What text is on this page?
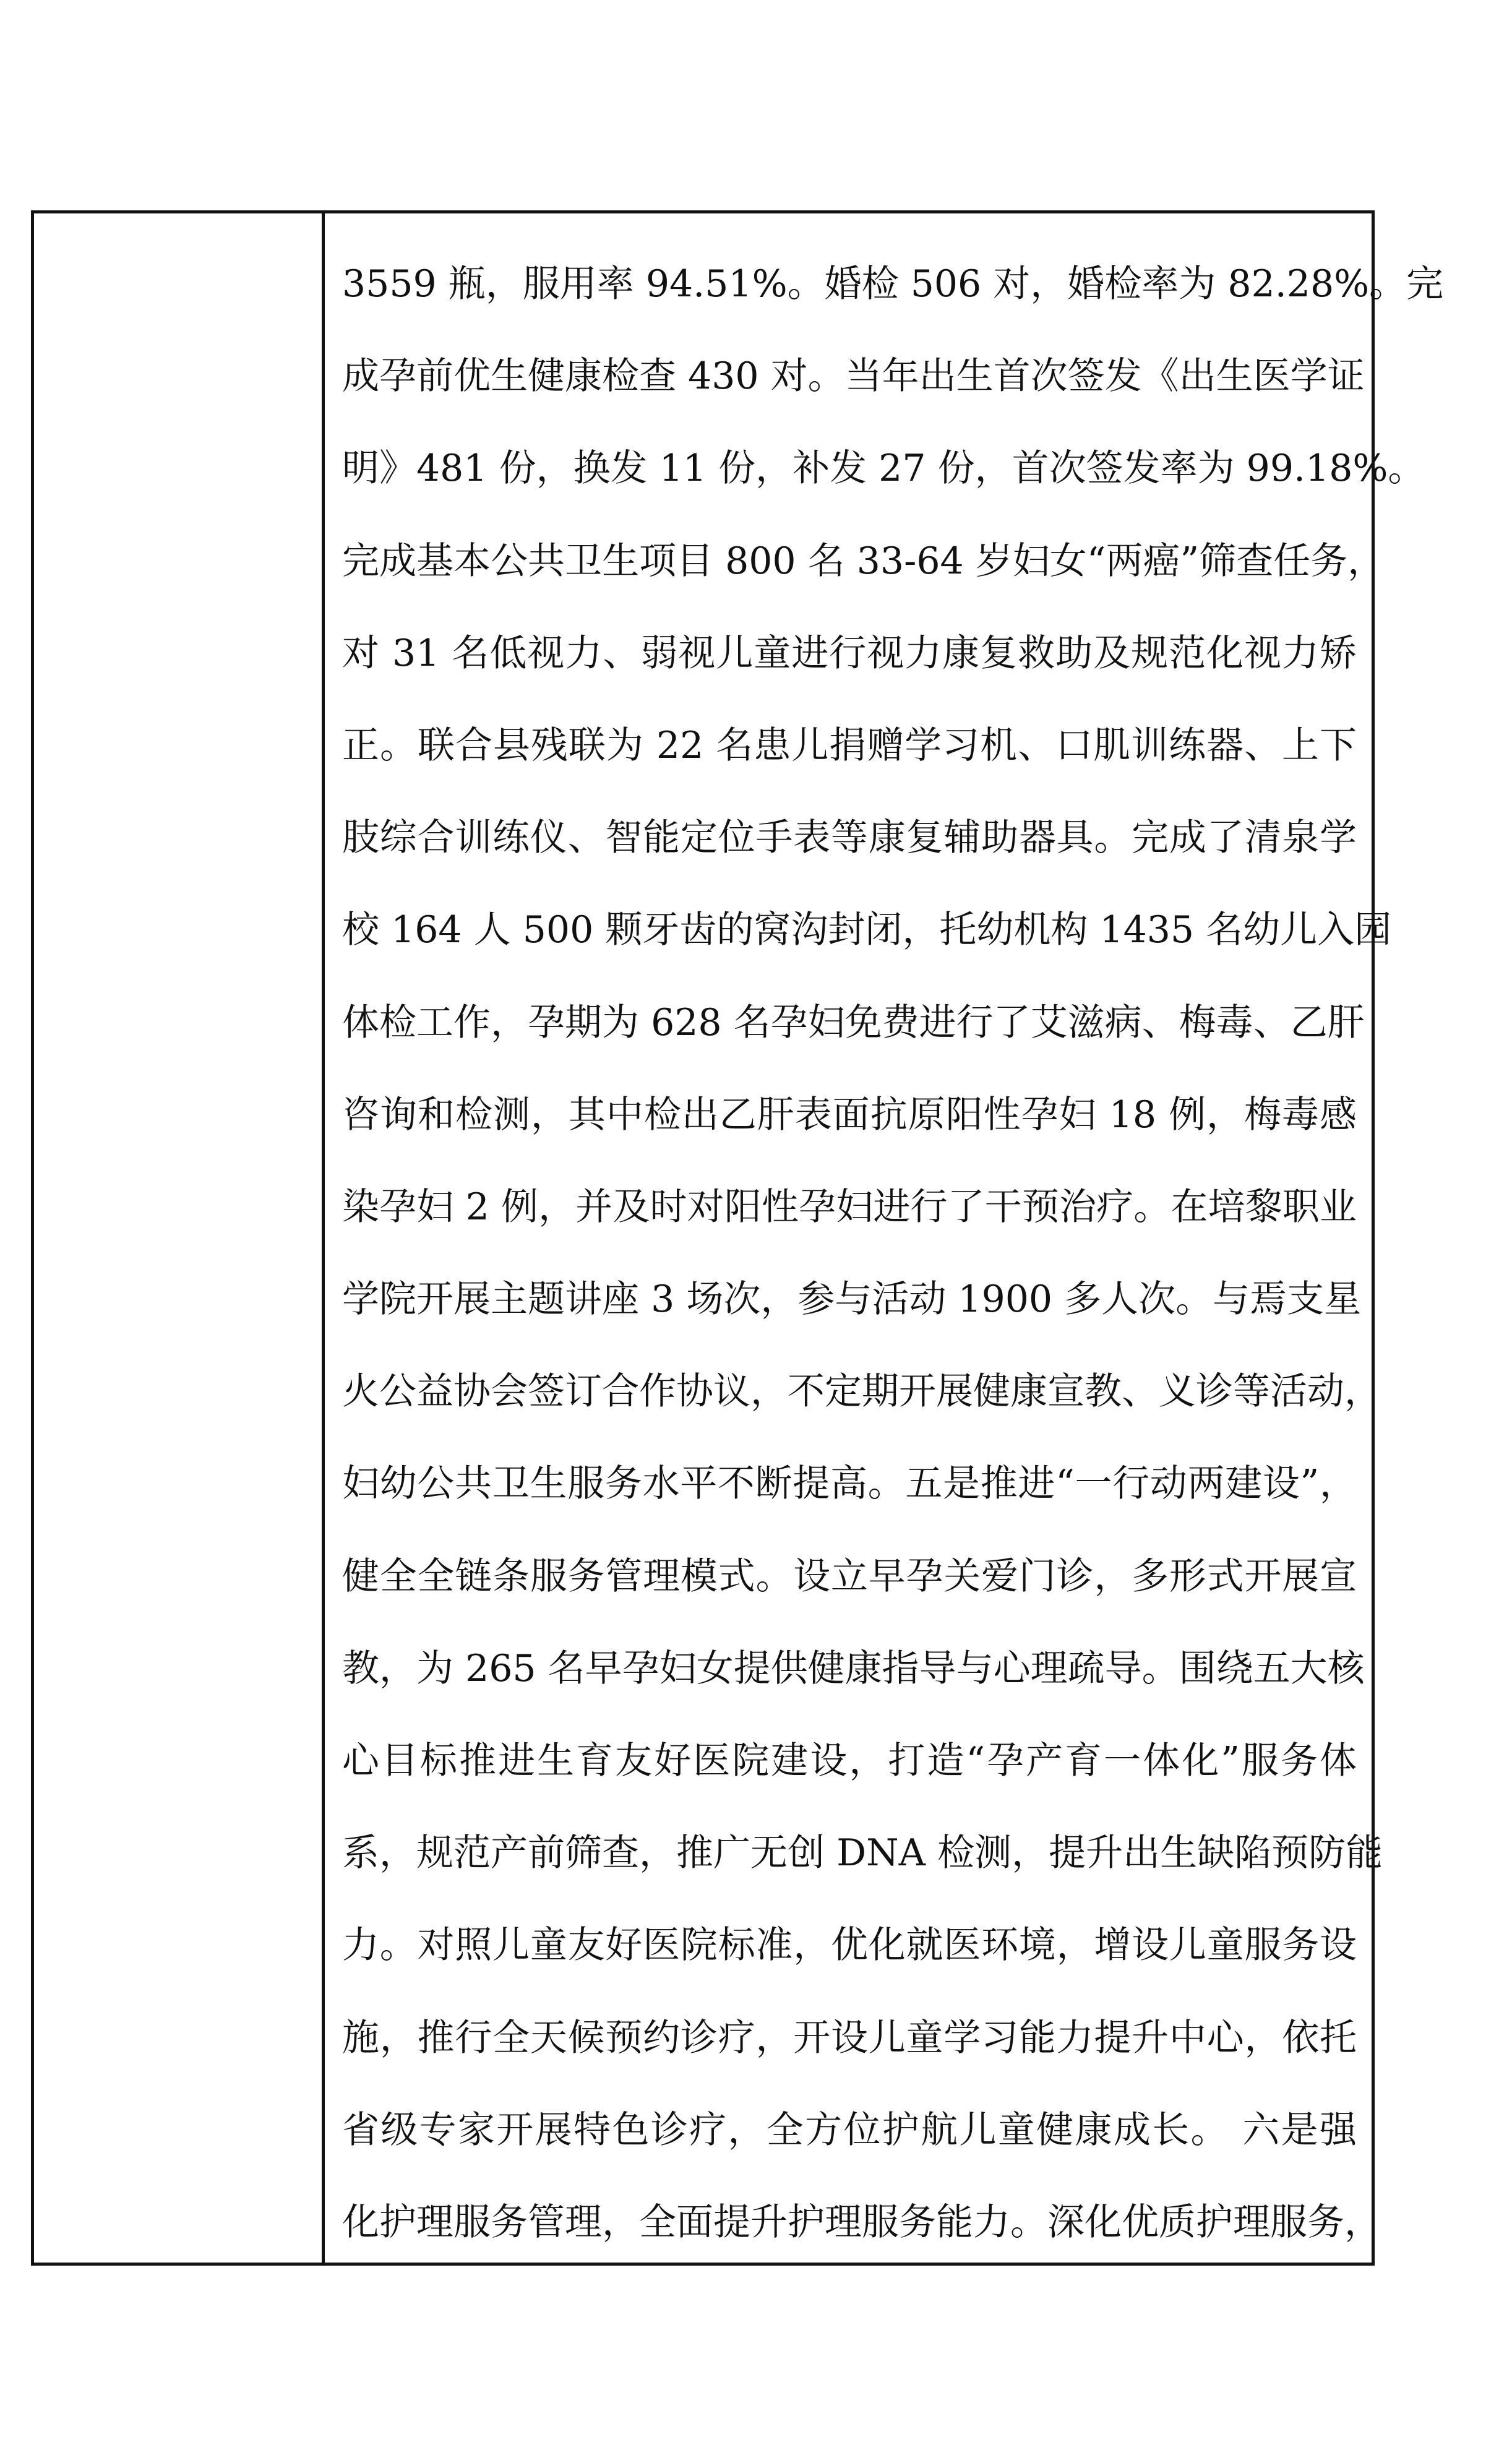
3559 瓶，服用率 94.51%。婚检 506 对，婚检率为 82.28%。完
成孕前优生健康检查 430 对。当年出生首次签发《出生医学证
明》481 份，换发 11 份，补发 27 份，首次签发率为 99.18%。
完成基本公共卫生项目 800 名 33-64 岁妇女“两癌”筛查任务，
对 31 名低视力、弱视儿童进行视力康复救助及规范化视力矫
正。联合县残联为 22 名患儿捐赠学习机、口肌训练器、上下
肢综合训练仪、智能定位手表等康复辅助器具。完成了清泉学
校 164 人 500 颗牙齿的窝沟封闭，托幼机构 1435 名幼儿入园
体检工作，孕期为 628 名孕妇免费进行了艾滋病、梅毒、乙肝
咨询和检测，其中检出乙肝表面抗原阳性孕妇 18 例，梅毒感
染孕妇 2 例，并及时对阳性孕妇进行了干预治疗。在培黎职业
学院开展主题讲座 3 场次，参与活动 1900 多人次。与焉支星
火公益协会签订合作协议，不定期开展健康宣教、义诊等活动，
妇幼公共卫生服务水平不断提高。五是推进“一行动两建设”，
健全全链条服务管理模式。设立早孕关爱门诊，多形式开展宣
教，为 265 名早孕妇女提供健康指导与心理疏导。围绕五大核
心目标推进生育友好医院建设，打造“孕产育一体化”服务体
系，规范产前筛查，推广无创 DNA 检测，提升出生缺陷预防能
力。对照儿童友好医院标准，优化就医环境，增设儿童服务设
施，推行全天候预约诊疗，开设儿童学习能力提升中心，依托
省级专家开展特色诊疗，全方位护航儿童健康成长。 六是强
化护理服务管理，全面提升护理服务能力。深化优质护理服务，
